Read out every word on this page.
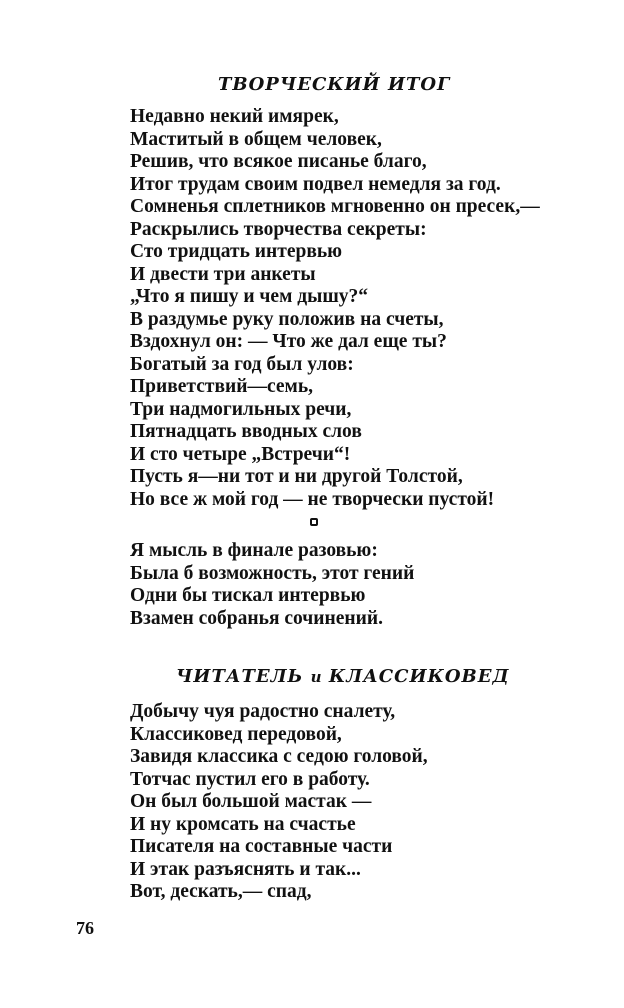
ТВОРЧЕСКИЙ ИТОГ
Недавно некий имярек,
Маститый в общем человек,
Решив, что всякое писанье благо,
Итог трудам своим подвел немедля за год.
Сомненья сплетников мгновенно он пресек,—
Раскрылись творчества секреты:
Сто тридцать интервью
И двести три анкеты
„Что я пишу и чем дышу?“
В раздумье руку положив на счеты,
Вздохнул он: — Что же дал еще ты?
Богатый за год был улов:
Приветствий—семь,
Три надмогильных речи,
Пятнадцать вводных слов
И сто четыре „Встречи“!
Пусть я—ни тот и ни другой Толстой,
Но все ж мой год — не творчески пустой!
Я мысль в финале разовью:
Была б возможность, этот гений
Одни бы тискал интервью
Взамен собранья сочинений.
ЧИТАТЕЛЬ и КЛАССИКОВЕД
Добычу чуя радостно сналету,
Классиковед передовой,
Завидя классика с седою головой,
Тотчас пустил его в работу.
Он был большой мастак —
И ну кромсать на счастье
Писателя на составные части
И этак разъяснять и так...
Вот, дескать,— спад,
76
